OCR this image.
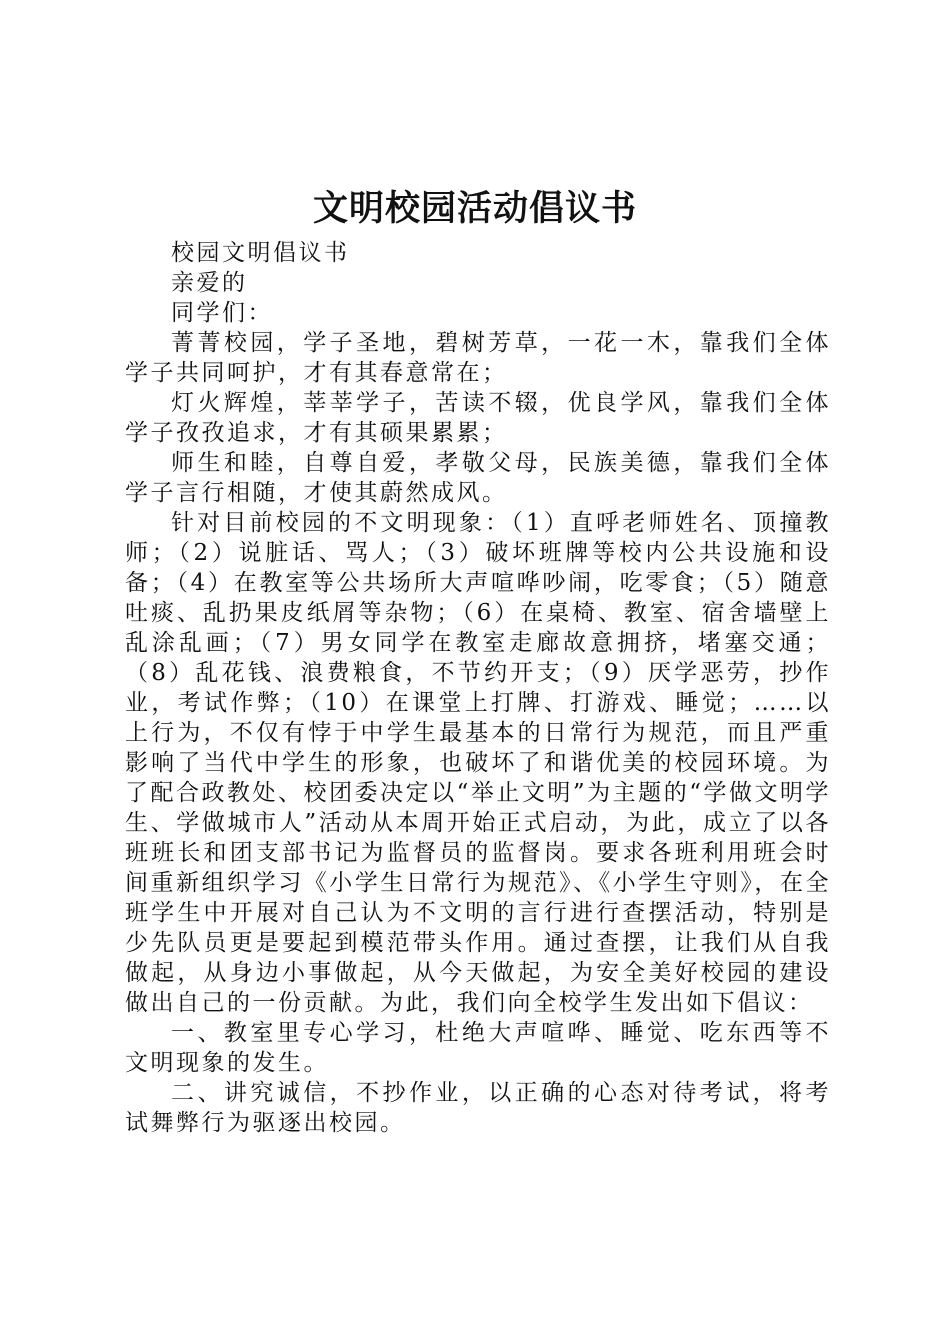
文明校园活动倡议书

校园文明倡议书

亲爱的

同学们：

菁菁校园，学子圣地，碧树芳草，一花一木，靠我们全体学子共同呵护，才有其春意常在；

灯火辉煌，莘莘学子，苦读不辍，优良学风，靠我们全体学子孜孜追求，才有其硕果累累；

师生和睦，自尊自爱，孝敬父母，民族美德，靠我们全体学子言行相随，才使其蔚然成风。

针对目前校园的不文明现象：（1）直呼老师姓名、顶撞教师；（2）说脏话、骂人；（3）破坏班牌等校内公共设施和设备；（4）在教室等公共场所大声喧哗吵闹，吃零食；（5）随意吐痰、乱扔果皮纸屑等杂物；（6）在桌椅、教室、宿舍墙壁上乱涂乱画；（7）男女同学在教室走廊故意拥挤，堵塞交通；（8）乱花钱、浪费粮食，不节约开支；（9）厌学恶劳，抄作业，考试作弊；（10）在课堂上打牌、打游戏、睡觉；……以上行为，不仅有悖于中学生最基本的日常行为规范，而且严重影响了当代中学生的形象，也破坏了和谐优美的校园环境。为了配合政教处、校团委决定以“举止文明”为主题的“学做文明学生、学做城市人”活动从本周开始正式启动，为此，成立了以各班班长和团支部书记为监督员的监督岗。要求各班利用班会时间重新组织学习《小学生日常行为规范》、《小学生守则》，在全班学生中开展对自己认为不文明的言行进行查摆活动，特别是少先队员更是要起到模范带头作用。通过查摆，让我们从自我做起，从身边小事做起，从今天做起，为安全美好校园的建设做出自己的一份贡献。为此，我们向全校学生发出如下倡议：

一、教室里专心学习，杜绝大声喧哗、睡觉、吃东西等不文明现象的发生。

二、讲究诚信，不抄作业，以正确的心态对待考试，将考试舞弊行为驱逐出校园。
